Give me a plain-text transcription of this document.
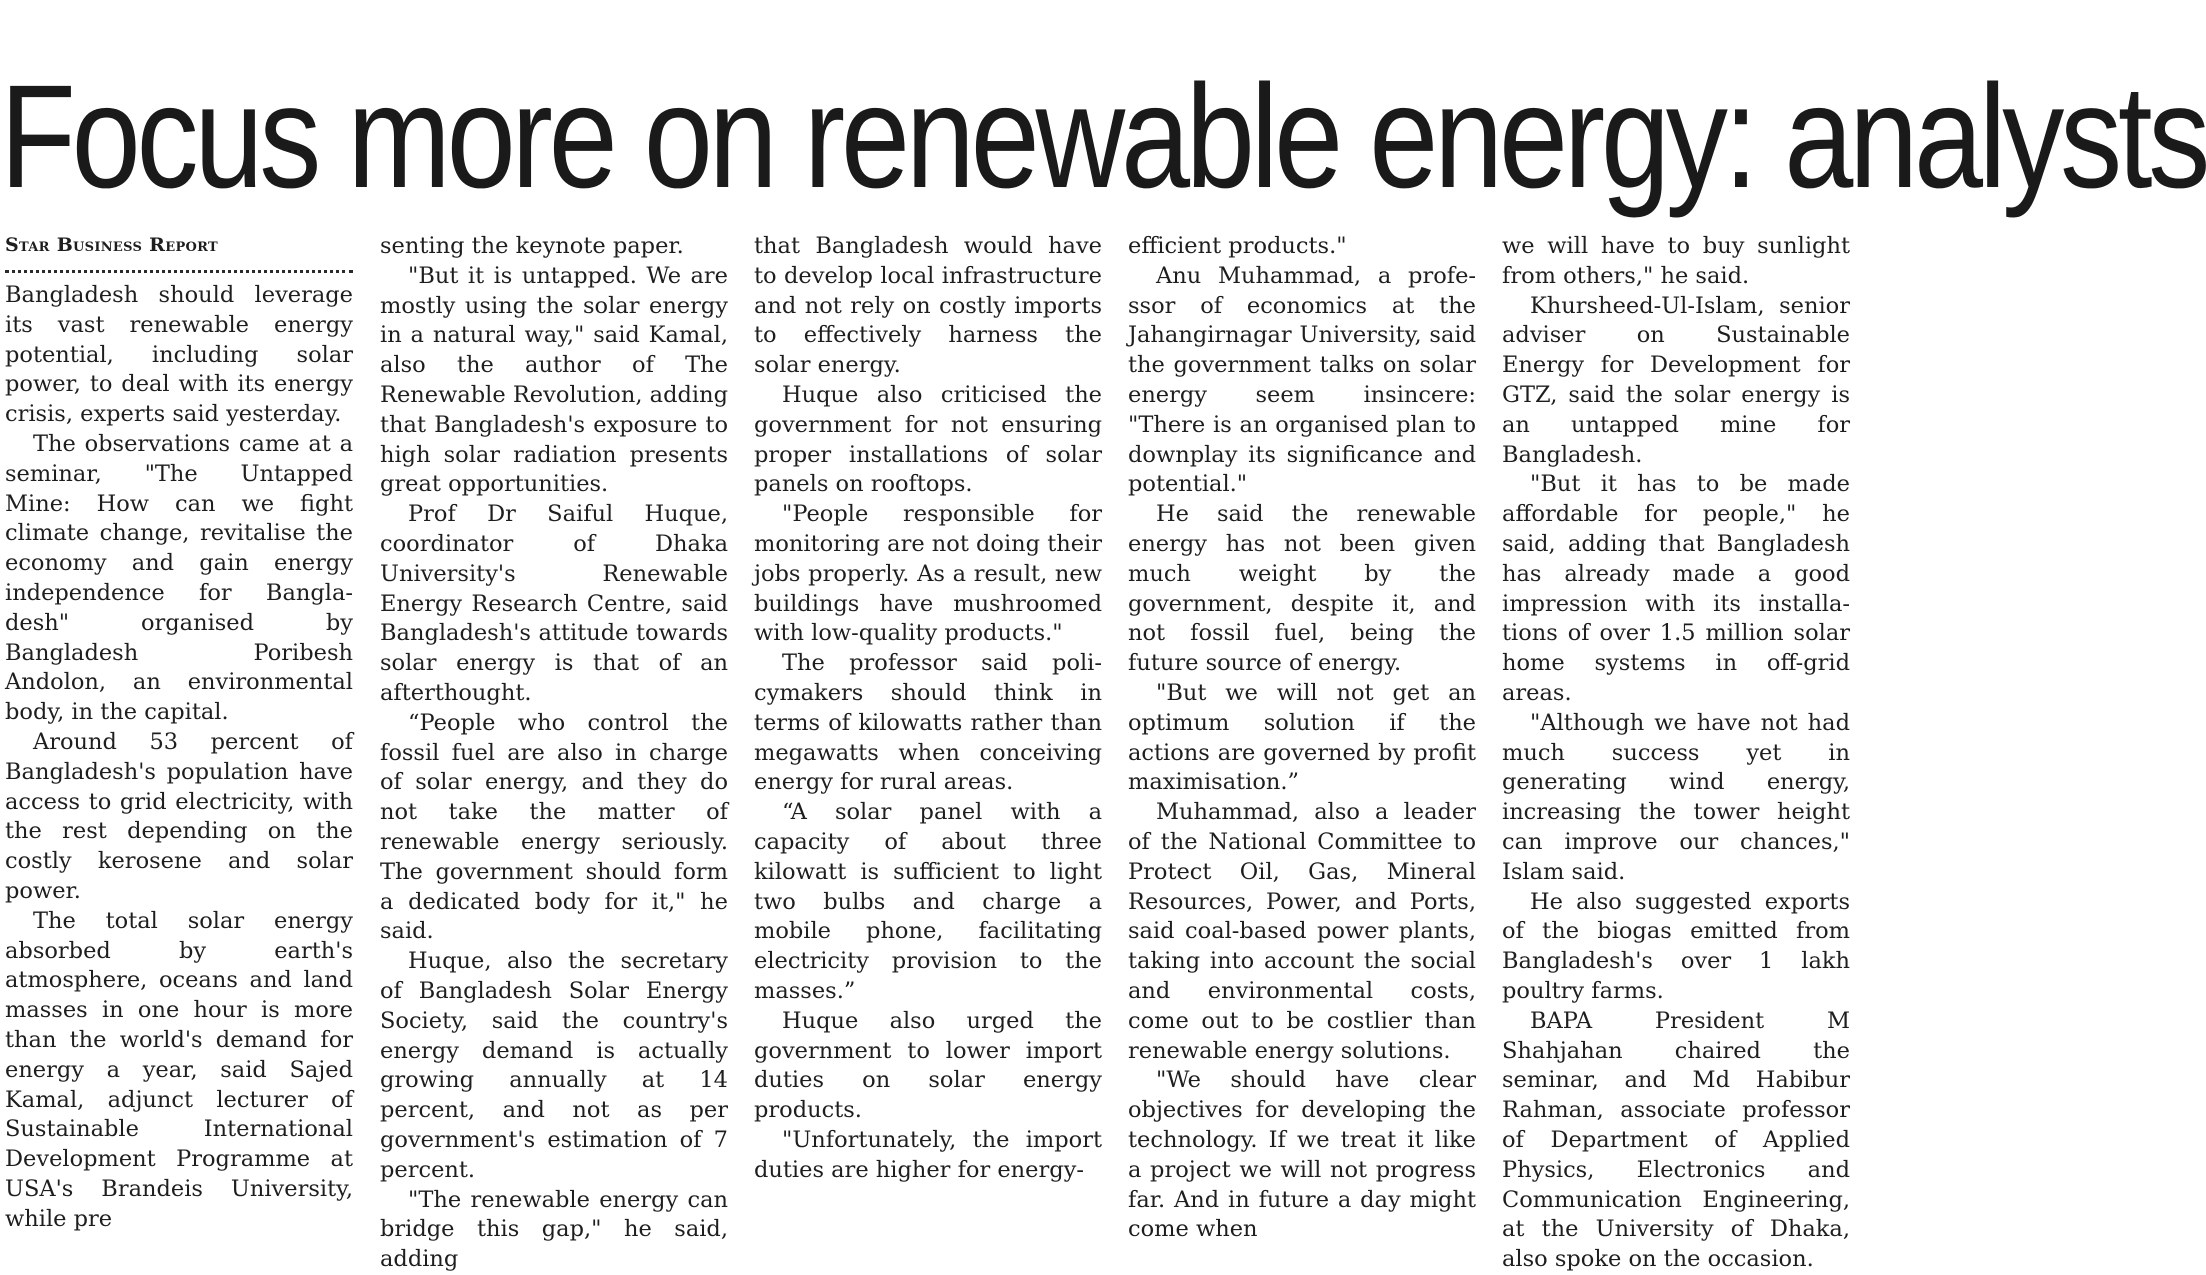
Focus more on renewable energy: analysts
Star Business Report

Bangladesh should leverage its vast renewable energy potential, including solar power, to deal with its energy crisis, experts said yesterday.

The observations came at a seminar, "The Untapped Mine: How can we fight climate change, revitalise the economy and gain energy independence for Bangladesh" organised by Bangladesh Poribesh Andolon, an environmental body, in the capital.

Around 53 percent of Bangladesh's population have access to grid electricity, with the rest depending on the costly kerosene and solar power.

The total solar energy absorbed by earth's atmosphere, oceans and land masses in one hour is more than the world's demand for energy a year, said Sajed Kamal, adjunct lecturer of Sustainable International Development Programme at USA's Brandeis University, while pre

senting the keynote paper.

"But it is untapped. We are mostly using the solar energy in a natural way," said Kamal, also the author of The Renewable Revolution, adding that Bangladesh's exposure to high solar radiation presents great opportunities.

Prof Dr Saiful Huque, coordinator of Dhaka University's Renewable Energy Research Centre, said Bangladesh's attitude towards solar energy is that of an afterthought.

“People who control the fossil fuel are also in charge of solar energy, and they do not take the matter of renewable energy seriously. The government should form a dedicated body for it," he said.

Huque, also the secretary of Bangladesh Solar Energy Society, said the country's energy demand is actually growing annually at 14 percent, and not as per government's estimation of 7 percent.

"The renewable energy can bridge this gap," he said, adding

that Bangladesh would have to develop local infrastructure and not rely on costly imports to effectively harness the solar energy.

Huque also criticised the government for not ensuring proper installations of solar panels on rooftops.

"People responsible for monitoring are not doing their jobs properly. As a result, new buildings have mushroomed with low-quality products."

The professor said policymakers should think in terms of kilowatts rather than megawatts when conceiving energy for rural areas.

“A solar panel with a capacity of about three kilowatt is sufficient to light two bulbs and charge a mobile phone, facilitating electricity provision to the masses.”

Huque also urged the government to lower import duties on solar energy products.

"Unfortunately, the import duties are higher for energy-

efficient products."

Anu Muhammad, a professor of economics at the Jahangirnagar University, said the government talks on solar energy seem insincere: "There is an organised plan to downplay its significance and potential."

He said the renewable energy has not been given much weight by the government, despite it, and not fossil fuel, being the future source of energy.

"But we will not get an optimum solution if the actions are governed by profit maximisation.”

Muhammad, also a leader of the National Committee to Protect Oil, Gas, Mineral Resources, Power, and Ports, said coal-based power plants, taking into account the social and environmental costs, come out to be costlier than renewable energy solutions.

"We should have clear objectives for developing the technology. If we treat it like a project we will not progress far. And in future a day might come when

we will have to buy sunlight from others," he said.

Khursheed-Ul-Islam, senior adviser on Sustainable Energy for Development for GTZ, said the solar energy is an untapped mine for Bangladesh.

"But it has to be made affordable for people," he said, adding that Bangladesh has already made a good impression with its installations of over 1.5 million solar home systems in off-grid areas.

"Although we have not had much success yet in generating wind energy, increasing the tower height can improve our chances," Islam said.

He also suggested exports of the biogas emitted from Bangladesh's over 1 lakh poultry farms.

BAPA President M Shahjahan chaired the seminar, and Md Habibur Rahman, associate professor of Department of Applied Physics, Electronics and Communication Engineering, at the University of Dhaka, also spoke on the occasion.
